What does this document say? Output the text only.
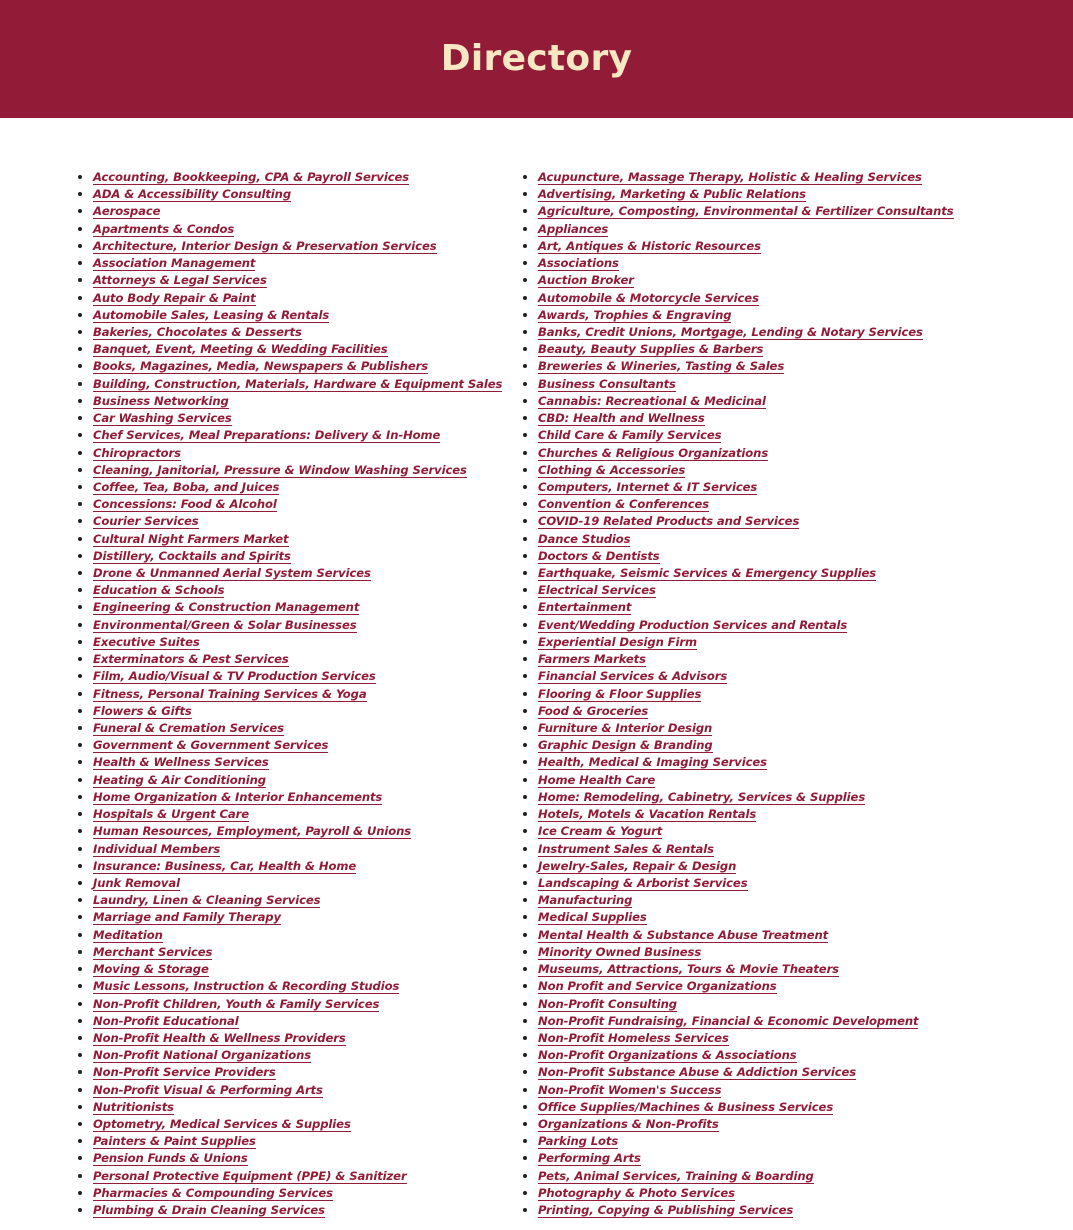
Directory
Accounting, Bookkeeping, CPA & Payroll Services
ADA & Accessibility Consulting
Aerospace
Apartments & Condos
Architecture, Interior Design & Preservation Services
Association Management
Attorneys & Legal Services
Auto Body Repair & Paint
Automobile Sales, Leasing & Rentals
Bakeries, Chocolates & Desserts
Banquet, Event, Meeting & Wedding Facilities
Books, Magazines, Media, Newspapers & Publishers
Building, Construction, Materials, Hardware & Equipment Sales
Business Networking
Car Washing Services
Chef Services, Meal Preparations: Delivery & In-Home
Chiropractors
Cleaning, Janitorial, Pressure & Window Washing Services
Coffee, Tea, Boba, and Juices
Concessions: Food & Alcohol
Courier Services
Cultural Night Farmers Market
Distillery, Cocktails and Spirits
Drone & Unmanned Aerial System Services
Education & Schools
Engineering & Construction Management
Environmental/Green & Solar Businesses
Executive Suites
Exterminators & Pest Services
Film, Audio/Visual & TV Production Services
Fitness, Personal Training Services & Yoga
Flowers & Gifts
Funeral & Cremation Services
Government & Government Services
Health & Wellness Services
Heating & Air Conditioning
Home Organization & Interior Enhancements
Hospitals & Urgent Care
Human Resources, Employment, Payroll & Unions
Individual Members
Insurance: Business, Car, Health & Home
Junk Removal
Laundry, Linen & Cleaning Services
Marriage and Family Therapy
Meditation
Merchant Services
Moving & Storage
Music Lessons, Instruction & Recording Studios
Non-Profit Children, Youth & Family Services
Non-Profit Educational
Non-Profit Health & Wellness Providers
Non-Profit National Organizations
Non-Profit Service Providers
Non-Profit Visual & Performing Arts
Nutritionists
Optometry, Medical Services & Supplies
Painters & Paint Supplies
Pension Funds & Unions
Personal Protective Equipment (PPE) & Sanitizer
Pharmacies & Compounding Services
Plumbing & Drain Cleaning Services
Acupuncture, Massage Therapy, Holistic & Healing Services
Advertising, Marketing & Public Relations
Agriculture, Composting, Environmental & Fertilizer Consultants
Appliances
Art, Antiques & Historic Resources
Associations
Auction Broker
Automobile & Motorcycle Services
Awards, Trophies & Engraving
Banks, Credit Unions, Mortgage, Lending & Notary Services
Beauty, Beauty Supplies & Barbers
Breweries & Wineries, Tasting & Sales
Business Consultants
Cannabis: Recreational & Medicinal
CBD: Health and Wellness
Child Care & Family Services
Churches & Religious Organizations
Clothing & Accessories
Computers, Internet & IT Services
Convention & Conferences
COVID-19 Related Products and Services
Dance Studios
Doctors & Dentists
Earthquake, Seismic Services & Emergency Supplies
Electrical Services
Entertainment
Event/Wedding Production Services and Rentals
Experiential Design Firm
Farmers Markets
Financial Services & Advisors
Flooring & Floor Supplies
Food & Groceries
Furniture & Interior Design
Graphic Design & Branding
Health, Medical & Imaging Services
Home Health Care
Home: Remodeling, Cabinetry, Services & Supplies
Hotels, Motels & Vacation Rentals
Ice Cream & Yogurt
Instrument Sales & Rentals
Jewelry-Sales, Repair & Design
Landscaping & Arborist Services
Manufacturing
Medical Supplies
Mental Health & Substance Abuse Treatment
Minority Owned Business
Museums, Attractions, Tours & Movie Theaters
Non Profit and Service Organizations
Non-Profit Consulting
Non-Profit Fundraising, Financial & Economic Development
Non-Profit Homeless Services
Non-Profit Organizations & Associations
Non-Profit Substance Abuse & Addiction Services
Non-Profit Women's Success
Office Supplies/Machines & Business Services
Organizations & Non-Profits
Parking Lots
Performing Arts
Pets, Animal Services, Training & Boarding
Photography & Photo Services
Printing, Copying & Publishing Services
